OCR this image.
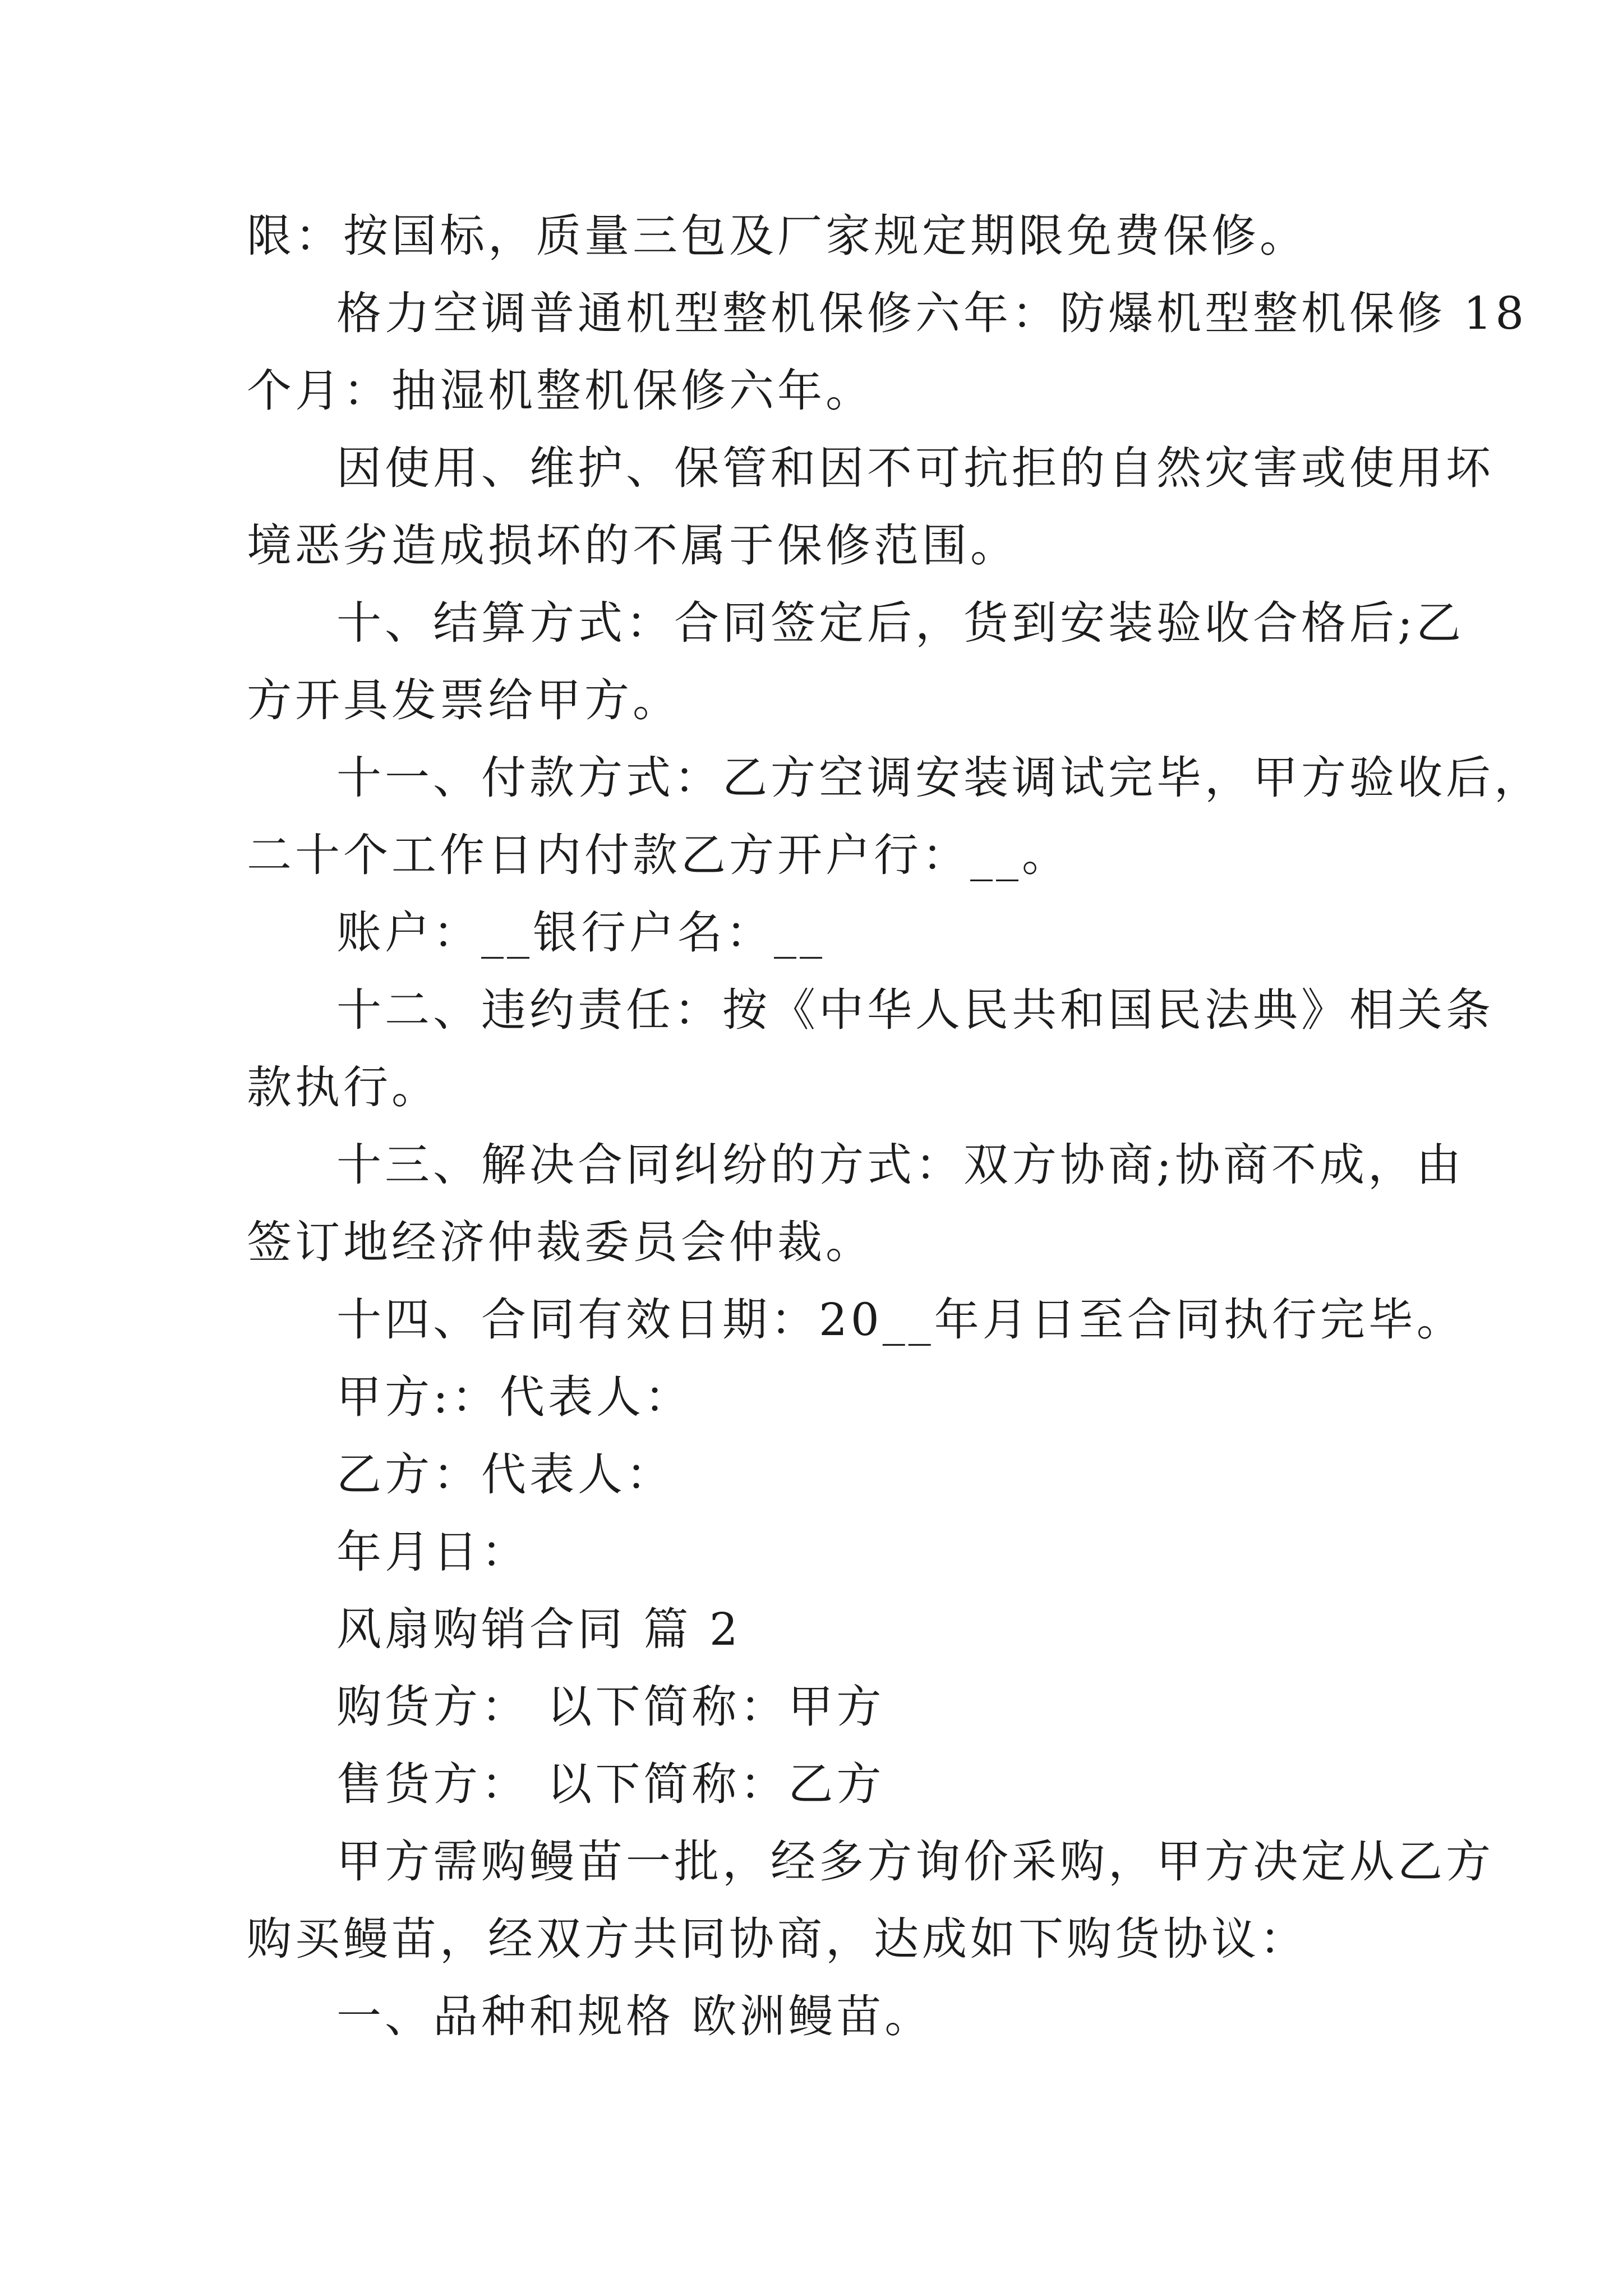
限：按国标，质量三包及厂家规定期限免费保修。

格力空调普通机型整机保修六年：防爆机型整机保修 18

个月：抽湿机整机保修六年。

因使用、维护、保管和因不可抗拒的自然灾害或使用坏

境恶劣造成损坏的不属于保修范围。

十、结算方式：合同签定后，货到安装验收合格后;乙

方开具发票给甲方。

十一、付款方式：乙方空调安装调试完毕，甲方验收后，

二十个工作日内付款乙方开户行：__。

账户：__银行户名：__

十二、违约责任：按《中华人民共和国民法典》相关条

款执行。

十三、解决合同纠纷的方式：双方协商;协商不成，由

签订地经济仲裁委员会仲裁。

十四、合同有效日期：20__年月日至合同执行完毕。

甲方:：代表人：

乙方：代表人：

年月日：

风扇购销合同 篇 2

购货方： 以下简称：甲方

售货方： 以下简称：乙方

甲方需购鳗苗一批，经多方询价采购，甲方决定从乙方

购买鳗苗，经双方共同协商，达成如下购货协议：

一、品种和规格 欧洲鳗苗。
